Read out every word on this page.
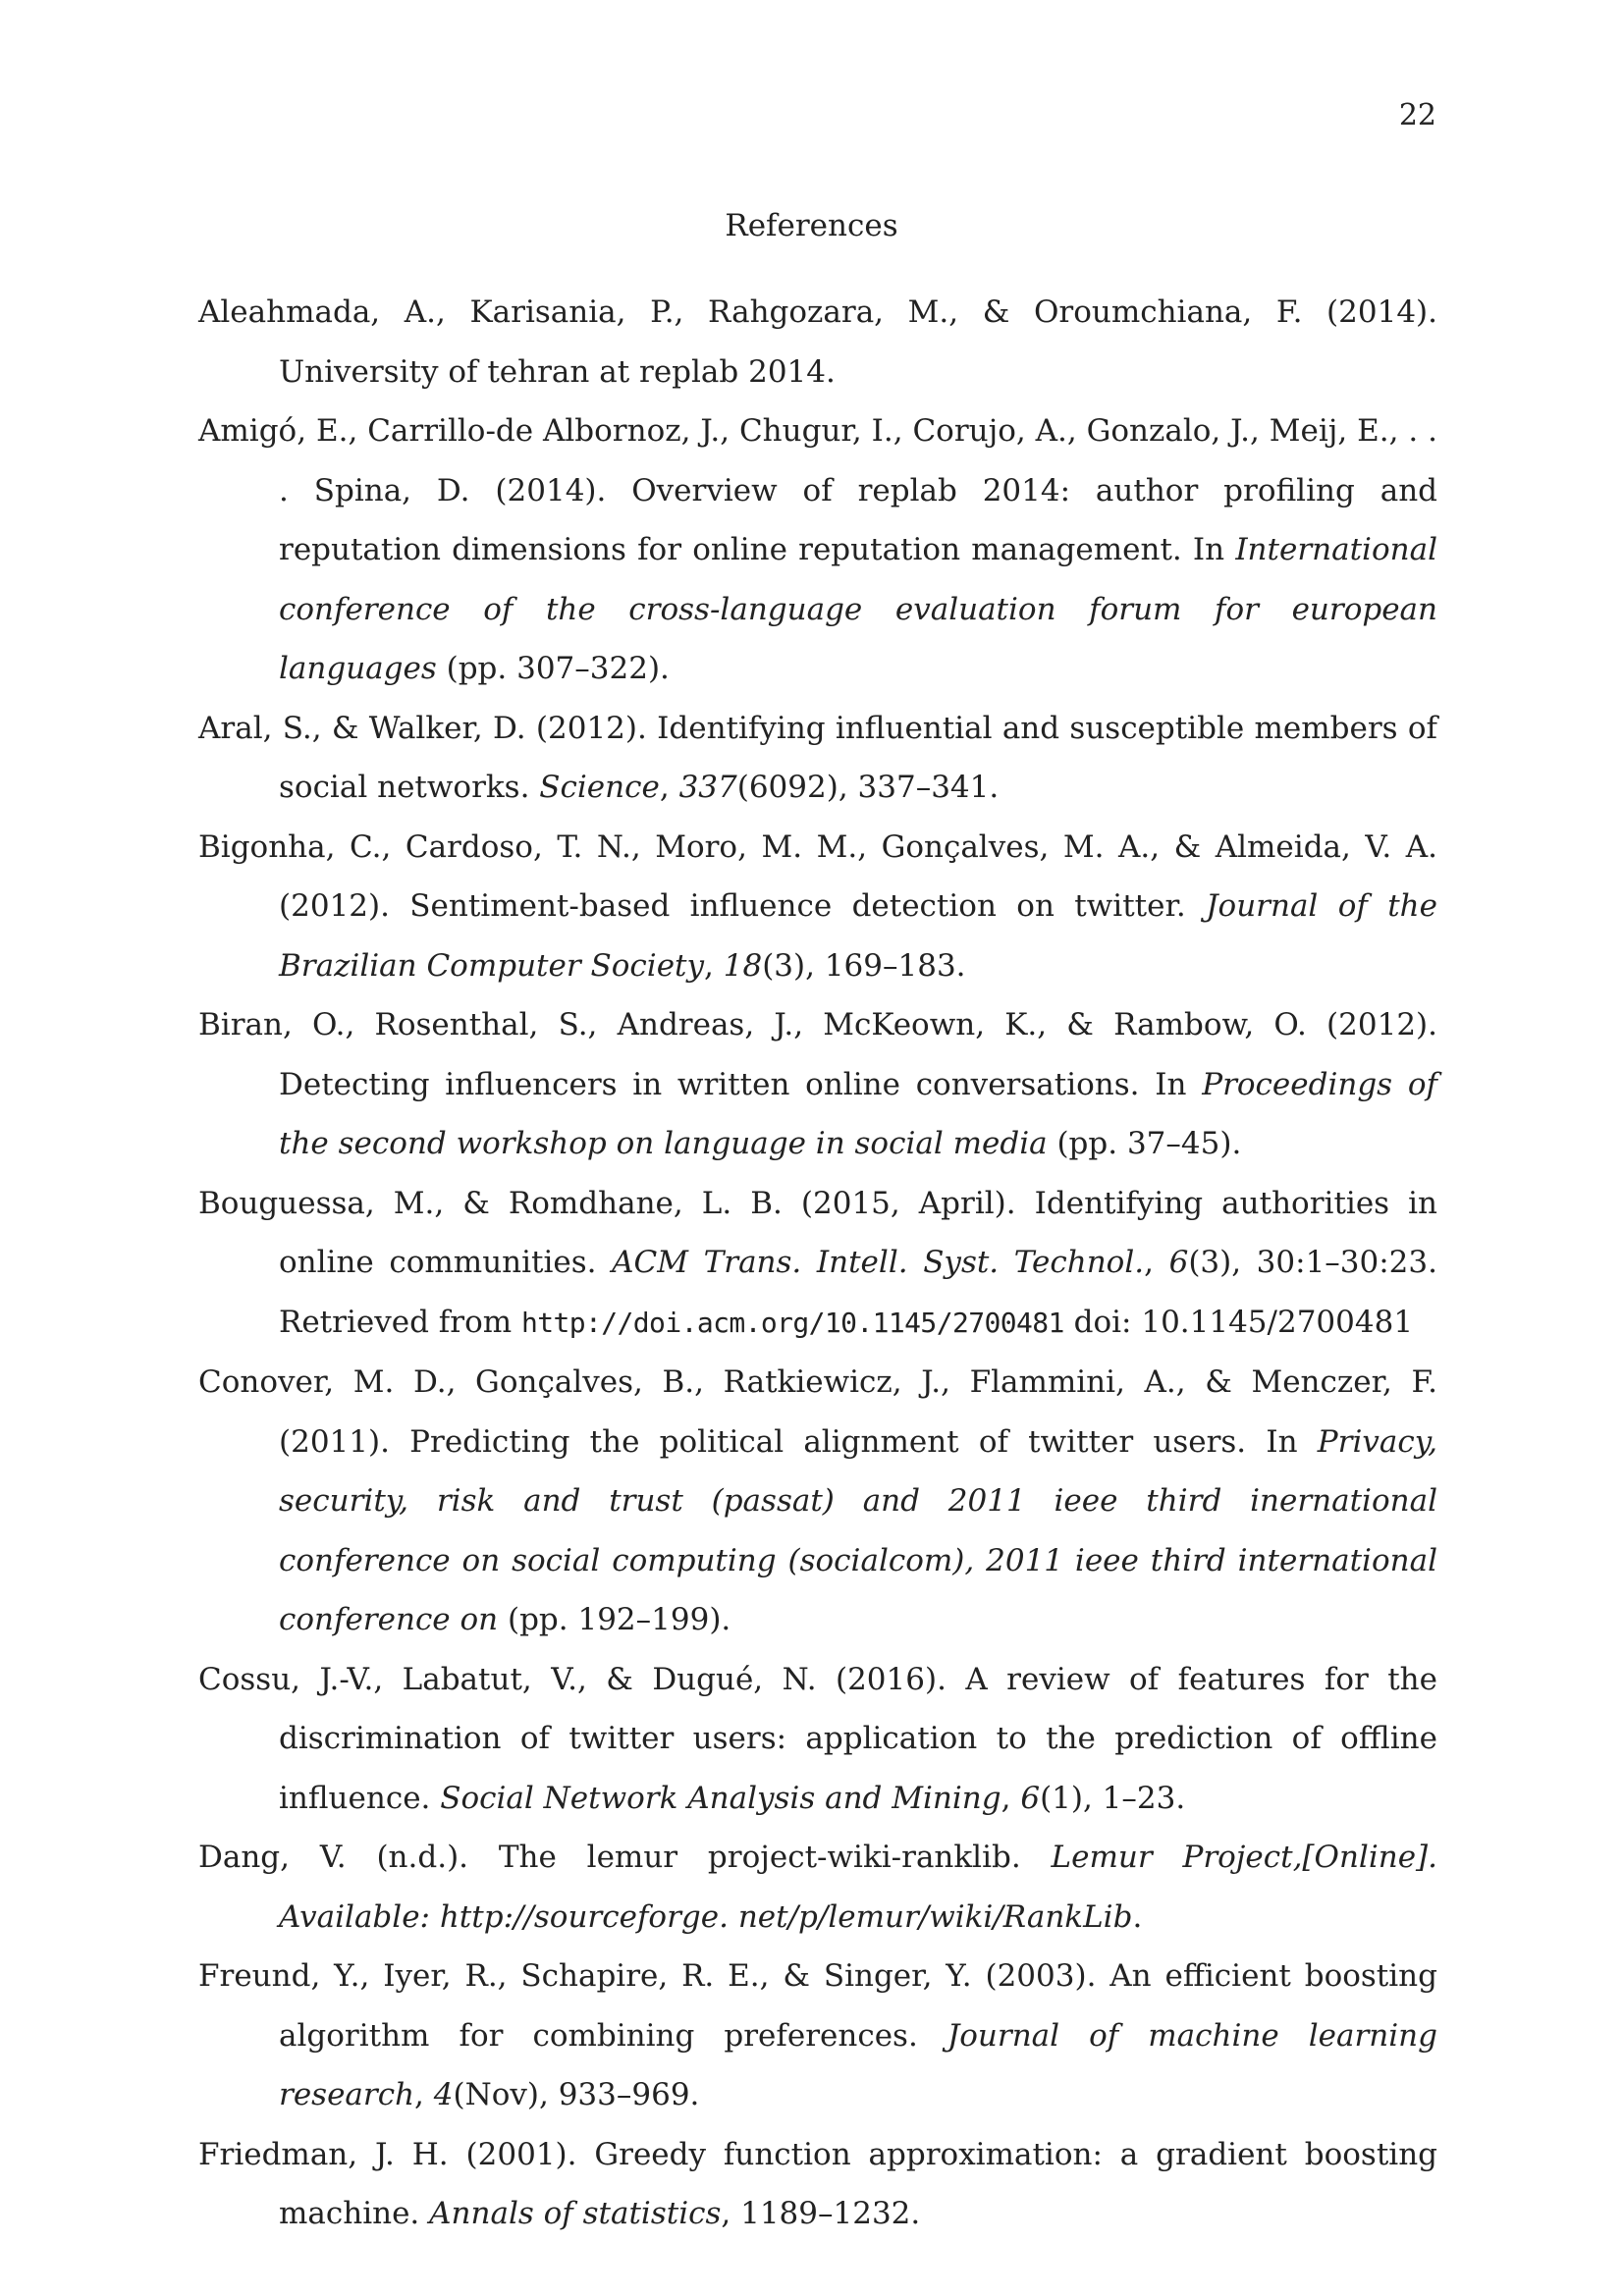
22
References
Aleahmada, A., Karisania, P., Rahgozara, M., & Oroumchiana, F. (2014). University of tehran at replab 2014.
Amigó, E., Carrillo-de Albornoz, J., Chugur, I., Corujo, A., Gonzalo, J., Meij, E., . . . Spina, D. (2014). Overview of replab 2014: author profiling and reputation dimensions for online reputation management. In International conference of the cross-language evaluation forum for european languages (pp. 307–322).
Aral, S., & Walker, D. (2012). Identifying influential and susceptible members of social networks. Science, 337(6092), 337–341.
Bigonha, C., Cardoso, T. N., Moro, M. M., Gonçalves, M. A., & Almeida, V. A. (2012). Sentiment-based influence detection on twitter. Journal of the Brazilian Computer Society, 18(3), 169–183.
Biran, O., Rosenthal, S., Andreas, J., McKeown, K., & Rambow, O. (2012). Detecting influencers in written online conversations. In Proceedings of the second workshop on language in social media (pp. 37–45).
Bouguessa, M., & Romdhane, L. B. (2015, April). Identifying authorities in online communities. ACM Trans. Intell. Syst. Technol., 6(3), 30:1–30:23. Retrieved from http://doi.acm.org/10.1145/2700481 doi: 10.1145/2700481
Conover, M. D., Gonçalves, B., Ratkiewicz, J., Flammini, A., & Menczer, F. (2011). Predicting the political alignment of twitter users. In Privacy, security, risk and trust (passat) and 2011 ieee third inernational conference on social computing (socialcom), 2011 ieee third international conference on (pp. 192–199).
Cossu, J.-V., Labatut, V., & Dugué, N. (2016). A review of features for the discrimination of twitter users: application to the prediction of offline influence. Social Network Analysis and Mining, 6(1), 1–23.
Dang, V. (n.d.). The lemur project-wiki-ranklib. Lemur Project,[Online]. Available: http://sourceforge. net/p/lemur/wiki/RankLib.
Freund, Y., Iyer, R., Schapire, R. E., & Singer, Y. (2003). An efficient boosting algorithm for combining preferences. Journal of machine learning research, 4(Nov), 933–969.
Friedman, J. H. (2001). Greedy function approximation: a gradient boosting machine. Annals of statistics, 1189–1232.
